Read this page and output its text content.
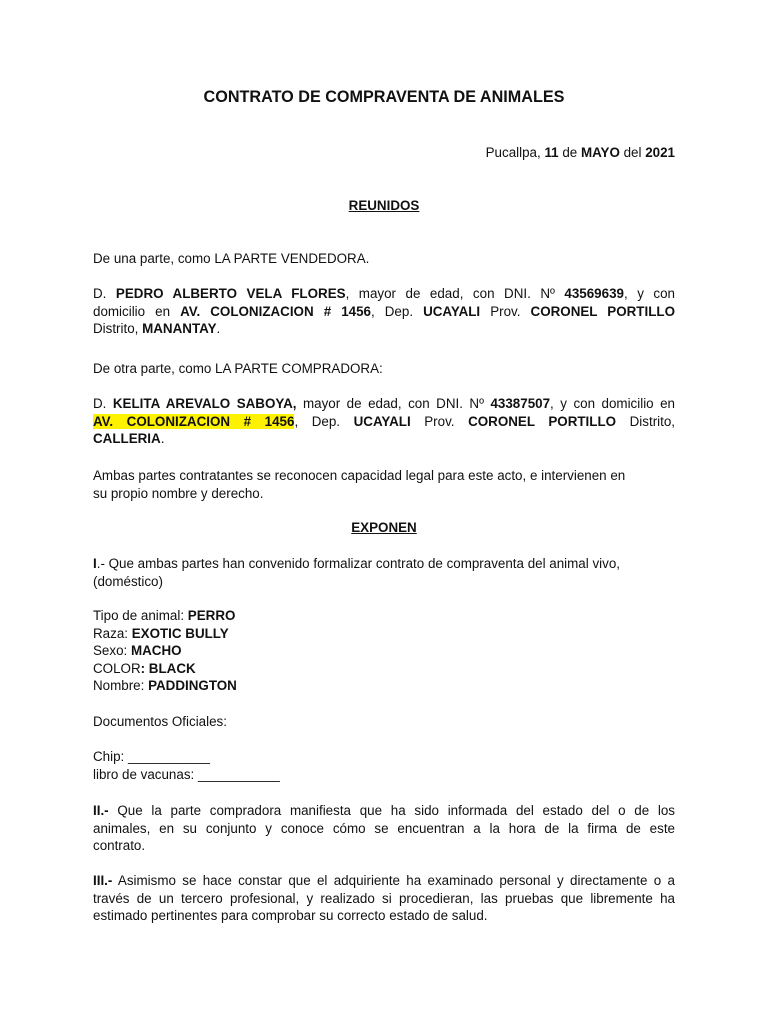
CONTRATO DE COMPRAVENTA DE ANIMALES
Pucallpa, 11 de MAYO del 2021
REUNIDOS
De una parte, como LA PARTE VENDEDORA.
D. PEDRO ALBERTO VELA FLORES, mayor de edad, con DNI. Nº 43569639, y con
domicilio en AV. COLONIZACION # 1456, Dep. UCAYALI Prov. CORONEL PORTILLO
Distrito, MANANTAY.
De otra parte, como LA PARTE COMPRADORA:
D. KELITA AREVALO SABOYA, mayor de edad, con DNI. Nº 43387507, y con domicilio en
AV. COLONIZACION # 1456, Dep. UCAYALI Prov. CORONEL PORTILLO Distrito,
CALLERIA.
Ambas partes contratantes se reconocen capacidad legal para este acto, e intervienen en
su propio nombre y derecho.
EXPONEN
I.- Que ambas partes han convenido formalizar contrato de compraventa del animal vivo,
(doméstico)
Tipo de animal: PERRO
Raza: EXOTIC BULLY
Sexo: MACHO
COLOR: BLACK
Nombre: PADDINGTON
Documentos Oficiales:
Chip: ___________
libro de vacunas: ___________
II.- Que la parte compradora manifiesta que ha sido informada del estado del o de los
animales, en su conjunto y conoce cómo se encuentran a la hora de la firma de este
contrato.
III.- Asimismo se hace constar que el adquiriente ha examinado personal y directamente o a
través de un tercero profesional, y realizado si procedieran, las pruebas que libremente ha
estimado pertinentes para comprobar su correcto estado de salud.
